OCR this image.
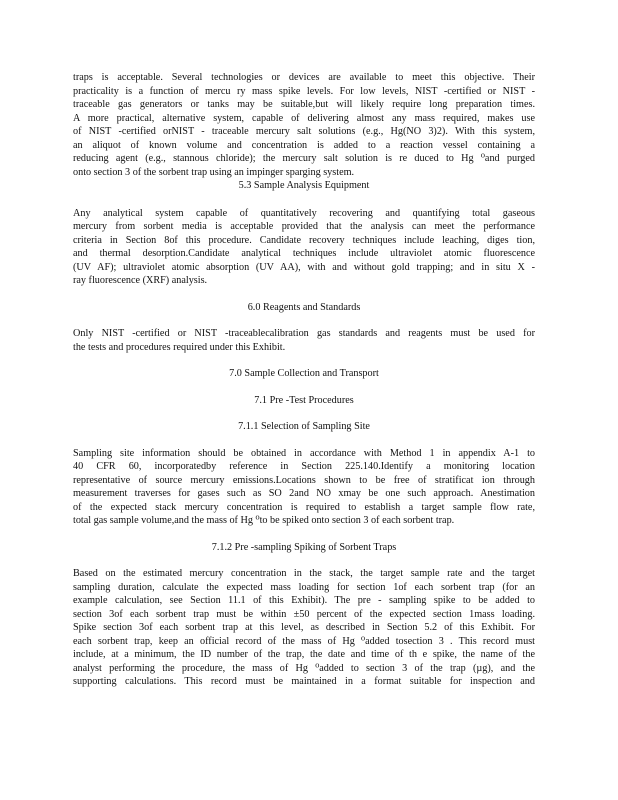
traps is acceptable. Several technologies or devices are available to meet this objective. Their
practicality is a function of mercu ry mass spike levels. For low levels, NIST -certified or NIST -
traceable gas generators or tanks may be suitable,but will likely require long preparation times.
A more practical, alternative system, capable of delivering almost any mass required, makes use
of NIST -certified orNIST - traceable mercury salt solutions (e.g., Hg(NO 3)2). With this system,
an aliquot of known volume and concentration is added to a reaction vessel containing a
reducing agent (e.g., stannous chloride); the mercury salt solution is re duced to Hg ⁰and purged
onto section 3 of the sorbent trap using an impinger sparging system.
5.3 Sample Analysis Equipment
Any analytical system capable of quantitatively recovering and quantifying total gaseous
mercury from sorbent media is acceptable provided that the analysis can meet the performance
criteria in Section 8of this procedure. Candidate recovery techniques include leaching, diges tion,
and thermal desorption.Candidate analytical techniques include ultraviolet atomic fluorescence
(UV AF); ultraviolet atomic absorption (UV AA), with and without gold trapping; and in situ X -
ray fluorescence (XRF) analysis.
6.0 Reagents and Standards
Only NIST -certified or NIST -traceablecalibration gas standards and reagents must be used for
the tests and procedures required under this Exhibit.
7.0 Sample Collection and Transport
7.1 Pre -Test Procedures
7.1.1 Selection of Sampling Site
Sampling site information should be obtained in accordance with Method 1 in appendix A-1 to
40 CFR 60, incorporatedby reference in Section 225.140.Identify a monitoring location
representative of source mercury emissions.Locations shown to be free of stratificat ion through
measurement traverses for gases such as SO 2and NO xmay be one such approach. Anestimation
of the expected stack mercury concentration is required to establish a target sample flow rate,
total gas sample volume,and the mass of Hg ⁰to be spiked onto section 3 of each sorbent trap.
7.1.2 Pre -sampling Spiking of Sorbent Traps
Based on the estimated mercury concentration in the stack, the target sample rate and the target
sampling duration, calculate the expected mass loading for section 1of each sorbent trap (for an
example calculation, see Section 11.1 of this Exhibit). The pre - sampling spike to be added to
section 3of each sorbent trap must be within ±50 percent of the expected section 1mass loading.
Spike section 3of each sorbent trap at this level, as described in Section 5.2 of this Exhibit. For
each sorbent trap, keep an official record of the mass of Hg ⁰added tosection 3 . This record must
include, at a minimum, the ID number of the trap, the date and time of th e spike, the name of the
analyst performing the procedure, the mass of Hg ⁰added to section 3 of the trap (µg), and the
supporting calculations. This record must be maintained in a format suitable for inspection and
